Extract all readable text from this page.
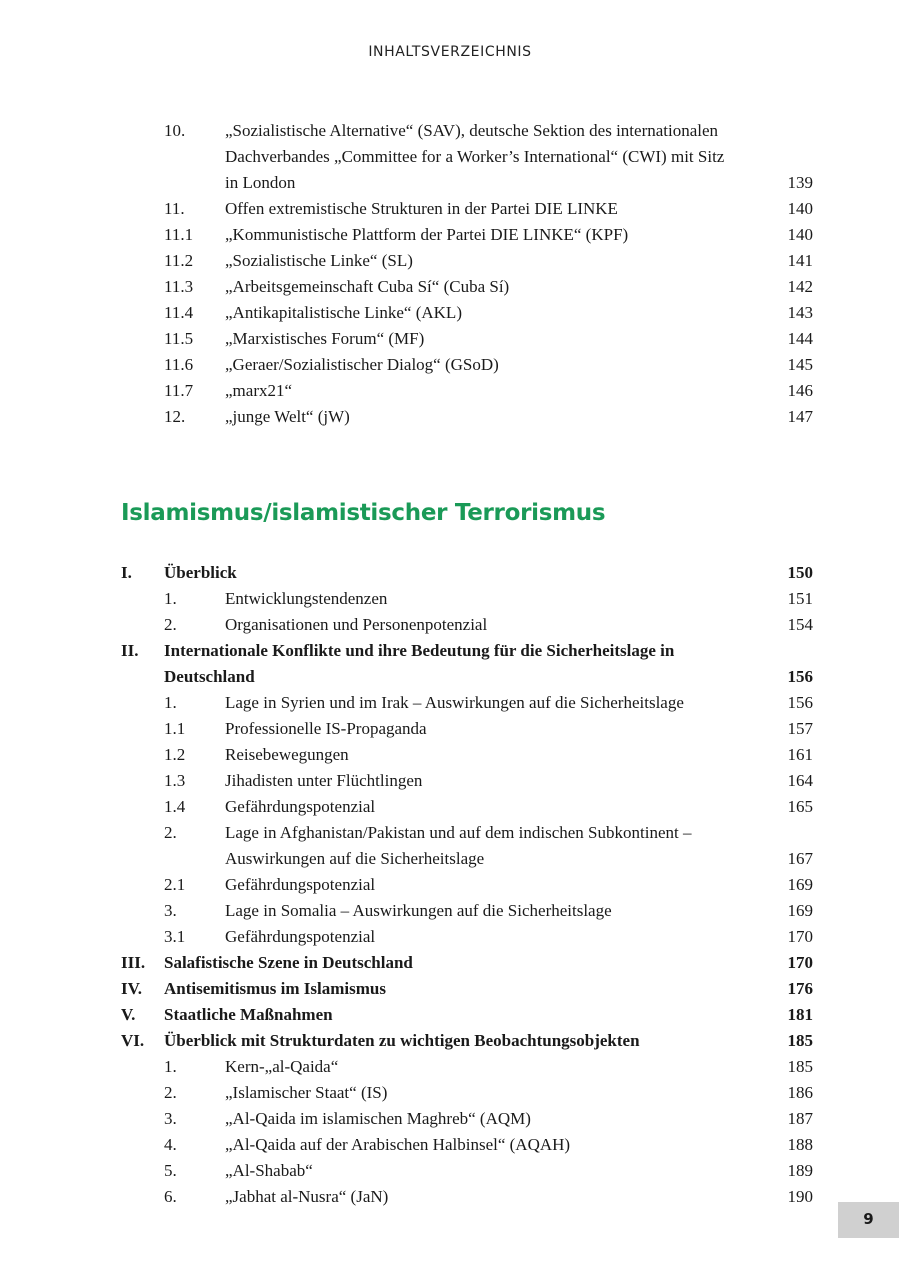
INHALTSVERZEICHNIS
10. „Sozialistische Alternative“ (SAV), deutsche Sektion des internationalen
Dachverbandes „Committee for a Worker’s International“ (CWI) mit Sitz
in London	139
11. Offen extremistische Strukturen in der Partei DIE LINKE	140
11.1 „Kommunistische Plattform der Partei DIE LINKE“ (KPF)	140
11.2 „Sozialistische Linke“ (SL)	141
11.3 „Arbeitsgemeinschaft Cuba Sí“ (Cuba Sí)	142
11.4 „Antikapitalistische Linke“ (AKL)	143
11.5 „Marxistisches Forum“ (MF)	144
11.6 „Geraer/Sozialistischer Dialog“ (GSoD)	145
11.7 „marx21“	146
12. „junge Welt“ (jW)	147
Islamismus/islamistischer Terrorismus
I. Überblick	150
1.	Entwicklungstendenzen	151
2.	Organisationen und Personenpotenzial	154
II. Internationale Konflikte und ihre Bedeutung für die Sicherheitslage in
Deutschland	156
1.	Lage in Syrien und im Irak – Auswirkungen auf die Sicherheitslage	156
1.1 Professionelle IS-Propaganda	157
1.2 Reisebewegungen	161
1.3 Jihadisten unter Flüchtlingen	164
1.4 Gefährdungspotenzial	165
2.	Lage in Afghanistan/Pakistan und auf dem indischen Subkontinent –
Auswirkungen auf die Sicherheitslage	167
2.1 Gefährdungspotenzial	169
3.	Lage in Somalia – Auswirkungen auf die Sicherheitslage	169
3.1 Gefährdungspotenzial	170
III. Salafistische Szene in Deutschland	170
IV. Antisemitismus im Islamismus	176
V. Staatliche Maßnahmen	181
VI. Überblick mit Strukturdaten zu wichtigen Beobachtungsobjekten	185
1.	Kern-„al-Qaida“	185
2.	„Islamischer Staat“ (IS)	186
3.	„Al-Qaida im islamischen Maghreb“ (AQM)	187
4.	„Al-Qaida auf der Arabischen Halbinsel“ (AQAH)	188
5.	„Al-Shabab“	189
6.	„Jabhat al-Nusra“ (JaN)	190
9
